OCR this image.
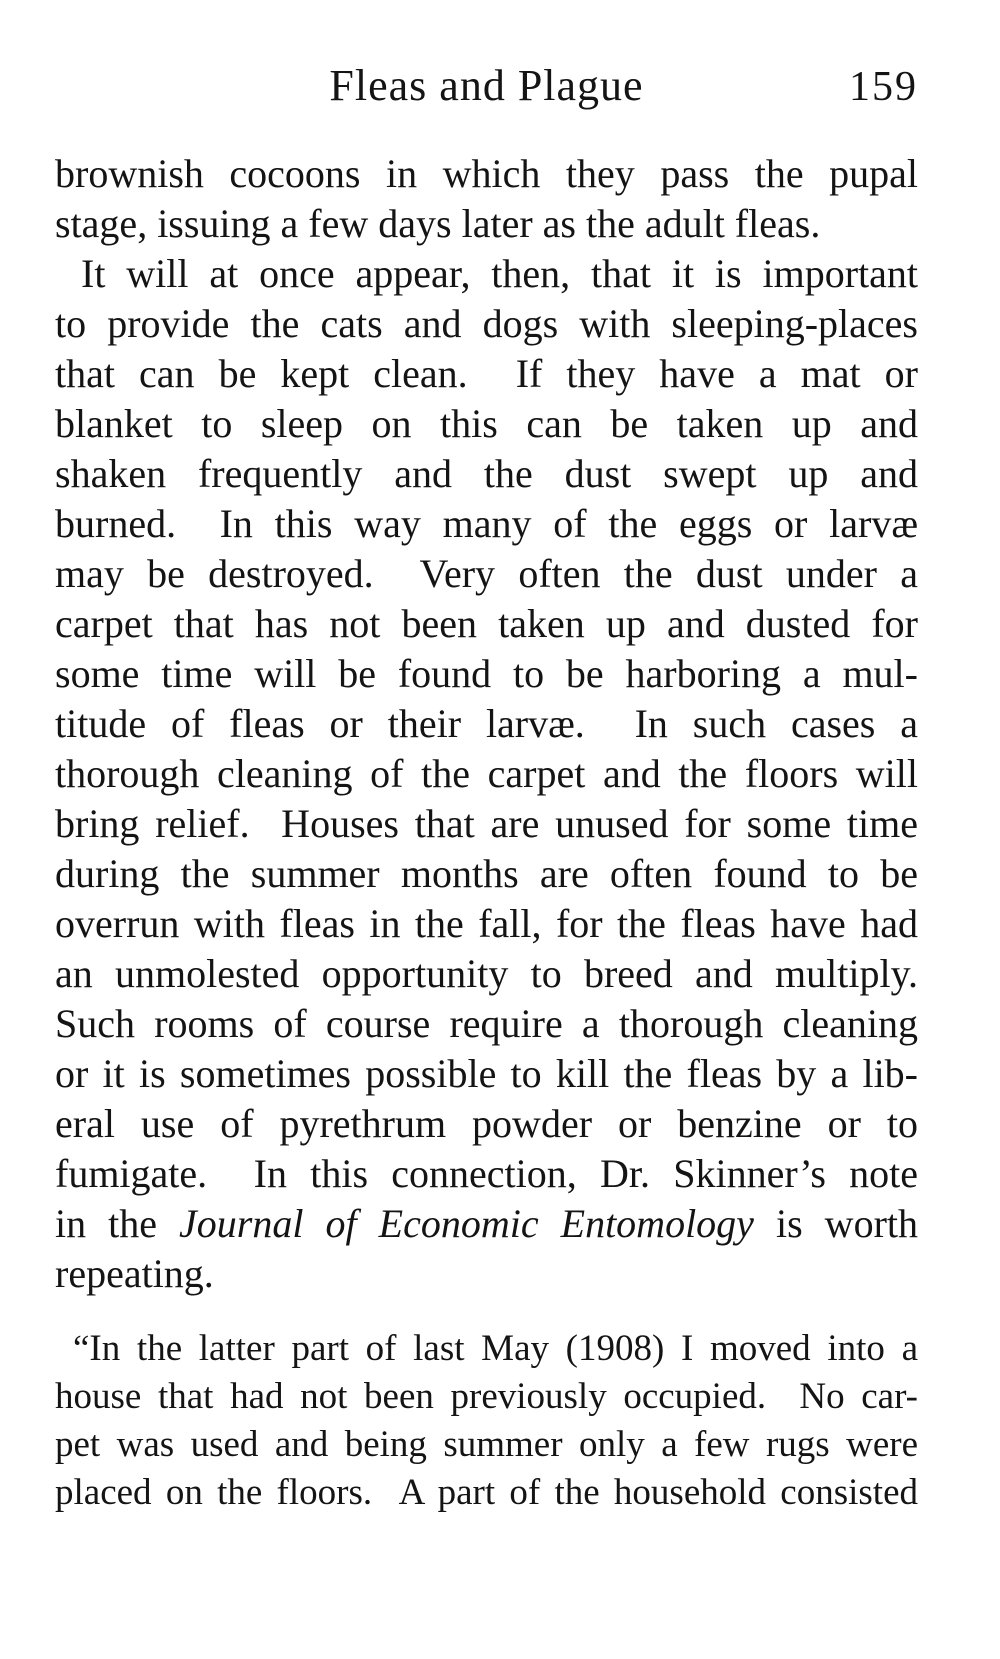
Fleas and Plague	159
brownish cocoons in which they pass the pupal
stage, issuing a few days later as the adult fleas.
It will at once appear, then, that it is important
to provide the cats and dogs with sleeping-places
that can be kept clean.  If they have a mat or
blanket to sleep on this can be taken up and
shaken frequently and the dust swept up and
burned.  In this way many of the eggs or larvæ
may be destroyed.  Very often the dust under a
carpet that has not been taken up and dusted for
some time will be found to be harboring a mul-
titude of fleas or their larvæ.  In such cases a
thorough cleaning of the carpet and the floors will
bring relief.  Houses that are unused for some time
during the summer months are often found to be
overrun with fleas in the fall, for the fleas have had
an unmolested opportunity to breed and multiply.
Such rooms of course require a thorough cleaning
or it is sometimes possible to kill the fleas by a lib-
eral use of pyrethrum powder or benzine or to
fumigate.  In this connection, Dr. Skinner’s note
in the Journal of Economic Entomology is worth
repeating.
“In the latter part of last May (1908) I moved into a
house that had not been previously occupied.  No car-
pet was used and being summer only a few rugs were
placed on the floors.  A part of the household consisted
